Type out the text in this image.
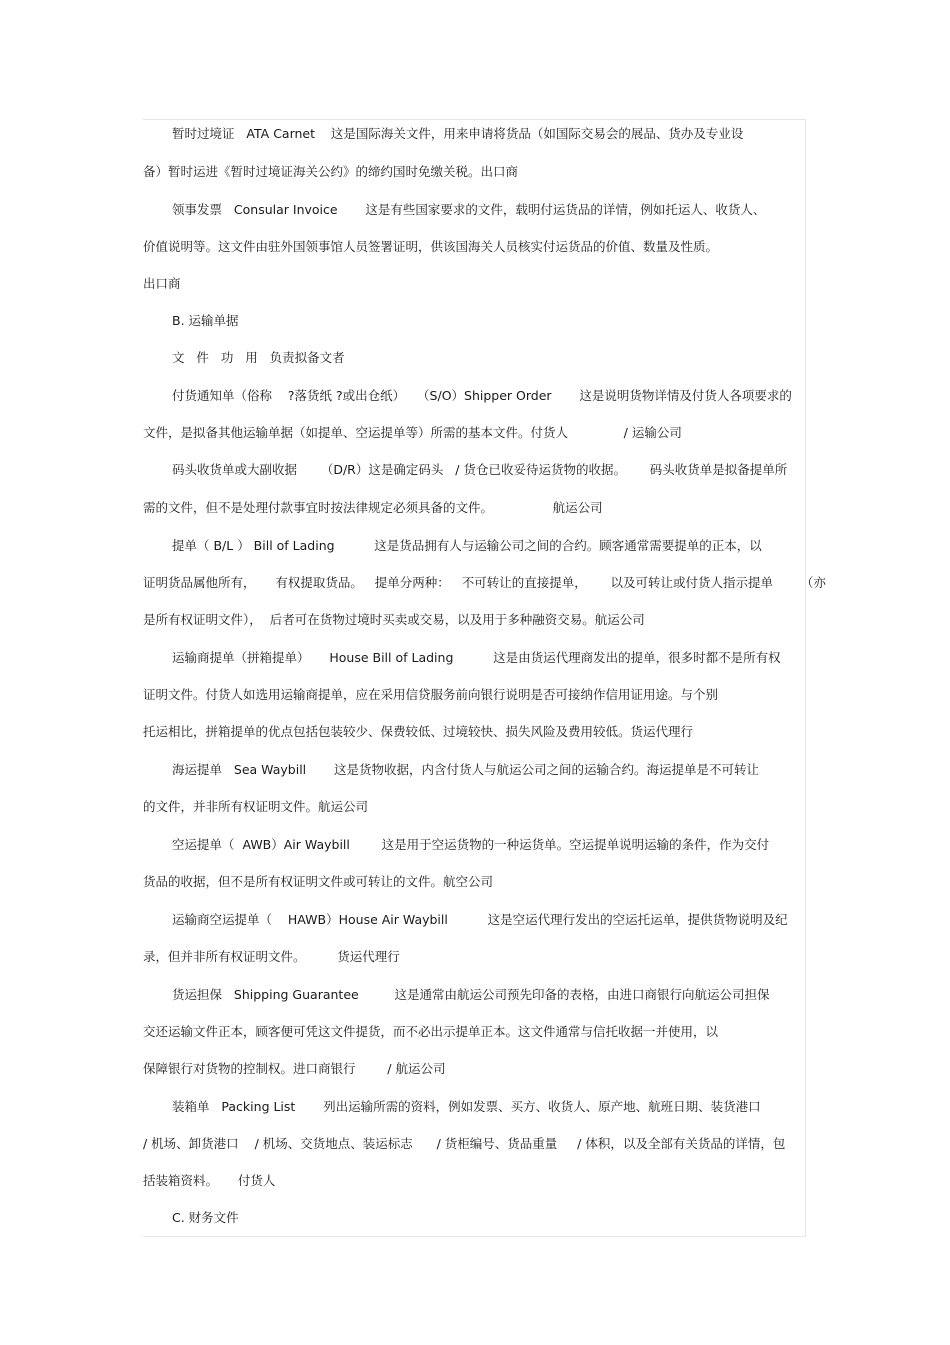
暂时过境证   ATA Carnet    这是国际海关文件，用来申请将货品（如国际交易会的展品、货办及专业设
备）暂时运进《暂时过境证海关公约》的缔约国时免缴关税。出口商
领事发票   Consular Invoice       这是有些国家要求的文件，载明付运货品的详情，例如托运人、收货人、
价值说明等。这文件由驻外国领事馆人员签署证明，供该国海关人员核实付运货品的价值、数量及性质。
出口商
B. 运输单据
文   件   功   用   负责拟备文者
付货通知单（俗称    ?落货纸 ?或出仓纸）   （S/O）Shipper Order       这是说明货物详情及付货人各项要求的
文件，是拟备其他运输单据（如提单、空运提单等）所需的基本文件。付货人              / 运输公司
码头收货单或大副收据      （D/R）这是确定码头   / 货仓已收妥待运货物的收据。      码头收货单是拟备提单所
需的文件，但不是处理付款事宜时按法律规定必须具备的文件。               航运公司
提单（ B/L ） Bill of Lading          这是货品拥有人与运输公司之间的合约。顾客通常需要提单的正本，以
证明货品属他所有，     有权提取货品。   提单分两种：   不可转让的直接提单，      以及可转让或付货人指示提单       （亦
是所有权证明文件），  后者可在货物过境时买卖或交易，以及用于多种融资交易。航运公司
运输商提单（拼箱提单）     House Bill of Lading          这是由货运代理商发出的提单，很多时都不是所有权
证明文件。付货人如选用运输商提单，应在采用信贷服务前向银行说明是否可接纳作信用证用途。与个别
托运相比，拼箱提单的优点包括包装较少、保费较低、过境较快、损失风险及费用较低。货运代理行
海运提单   Sea Waybill       这是货物收据，内含付货人与航运公司之间的运输合约。海运提单是不可转让
的文件，并非所有权证明文件。航运公司
空运提单（  AWB）Air Waybill        这是用于空运货物的一种运货单。空运提单说明运输的条件，作为交付
货品的收据，但不是所有权证明文件或可转让的文件。航空公司
运输商空运提单（    HAWB）House Air Waybill          这是空运代理行发出的空运托运单，提供货物说明及纪
录，但并非所有权证明文件。        货运代理行
货运担保   Shipping Guarantee         这是通常由航运公司预先印备的表格，由进口商银行向航运公司担保
交还运输文件正本，顾客便可凭这文件提货，而不必出示提单正本。这文件通常与信托收据一并使用，以
保障银行对货物的控制权。进口商银行        / 航运公司
装箱单   Packing List       列出运输所需的资料，例如发票、买方、收货人、原产地、航班日期、装货港口
/ 机场、卸货港口    / 机场、交货地点、装运标志      / 货柜编号、货品重量     / 体积，以及全部有关货品的详情，包
括装箱资料。     付货人
C. 财务文件
